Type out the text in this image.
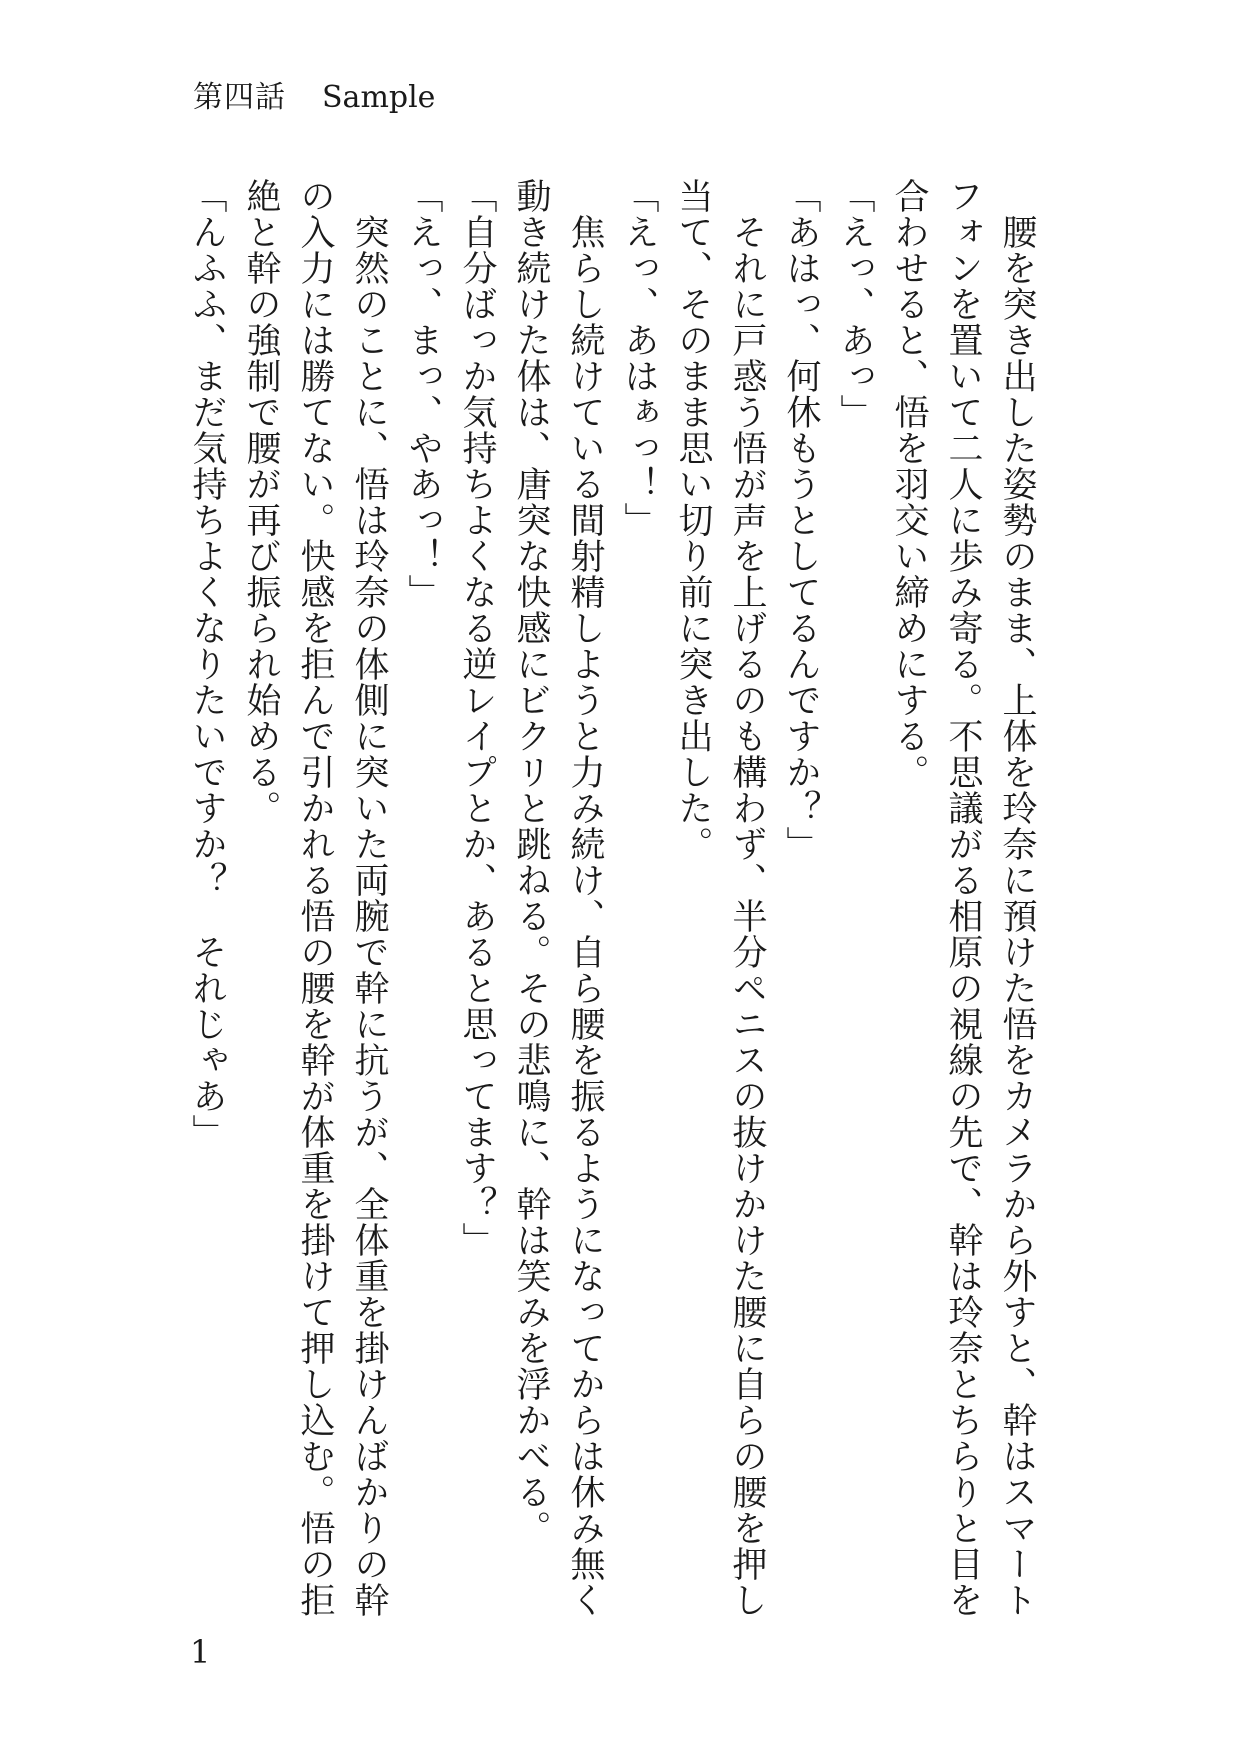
第四話 Sample
　腰を突き出した姿勢のまま、上体を玲奈に預けた悟をカメラから外すと、幹はスマート
フォンを置いて二人に歩み寄る。不思議がる相原の視線の先で、幹は玲奈とちらりと目を
合わせると、悟を羽交い締めにする。
「えっ、あっ」
「あはっ、何休もうとしてるんですか？」
　それに戸惑う悟が声を上げるのも構わず、半分ペニスの抜けかけた腰に自らの腰を押し
当て、そのまま思い切り前に突き出した。
「えっ、あはぁっ！」
　焦らし続けている間射精しようと力み続け、自ら腰を振るようになってからは休み無く
動き続けた体は、唐突な快感にビクリと跳ねる。その悲鳴に、幹は笑みを浮かべる。
「自分ばっか気持ちよくなる逆レイプとか、あると思ってます？」
「えっ、まっ、やあっ！」
　突然のことに、悟は玲奈の体側に突いた両腕で幹に抗うが、全体重を掛けんばかりの幹
の入力には勝てない。快感を拒んで引かれる悟の腰を幹が体重を掛けて押し込む。悟の拒
絶と幹の強制で腰が再び振られ始める。
「んふふ、まだ気持ちよくなりたいですか？　それじゃあ」
1
